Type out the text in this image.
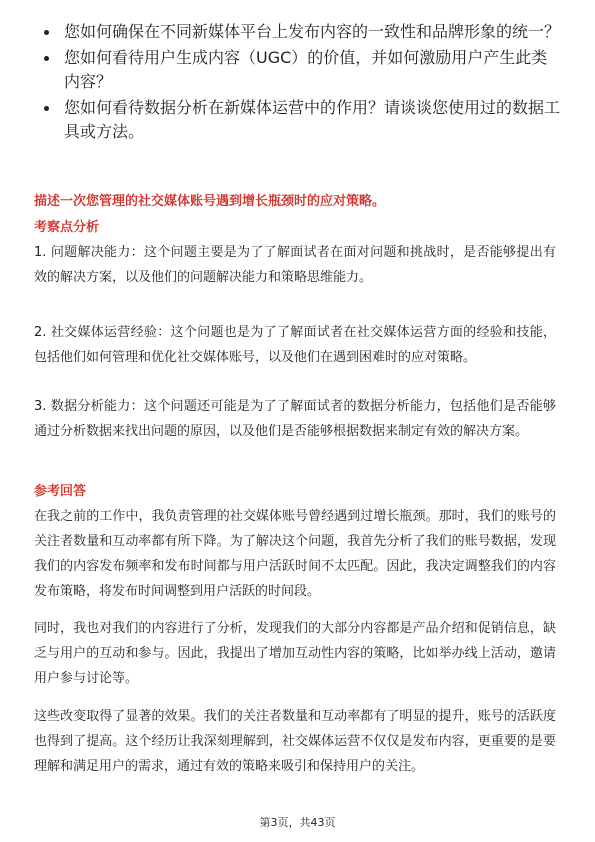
您如何确保在不同新媒体平台上发布内容的一致性和品牌形象的统一？
您如何看待用户生成内容（UGC）的价值，并如何激励用户产生此类内容？
您如何看待数据分析在新媒体运营中的作用？请谈谈您使用过的数据工具或方法。
描述一次您管理的社交媒体账号遇到增长瓶颈时的应对策略。
考察点分析
1. 问题解决能力：这个问题主要是为了了解面试者在面对问题和挑战时，是否能够提出有效的解决方案，以及他们的问题解决能力和策略思维能力。
2. 社交媒体运营经验：这个问题也是为了了解面试者在社交媒体运营方面的经验和技能，包括他们如何管理和优化社交媒体账号，以及他们在遇到困难时的应对策略。
3. 数据分析能力：这个问题还可能是为了了解面试者的数据分析能力，包括他们是否能够通过分析数据来找出问题的原因，以及他们是否能够根据数据来制定有效的解决方案。
参考回答
在我之前的工作中，我负责管理的社交媒体账号曾经遇到过增长瓶颈。那时，我们的账号的关注者数量和互动率都有所下降。为了解决这个问题，我首先分析了我们的账号数据，发现我们的内容发布频率和发布时间都与用户活跃时间不太匹配。因此，我决定调整我们的内容发布策略，将发布时间调整到用户活跃的时间段。
同时，我也对我们的内容进行了分析，发现我们的大部分内容都是产品介绍和促销信息，缺乏与用户的互动和参与。因此，我提出了增加互动性内容的策略，比如举办线上活动，邀请用户参与讨论等。
这些改变取得了显著的效果。我们的关注者数量和互动率都有了明显的提升，账号的活跃度也得到了提高。这个经历让我深刻理解到，社交媒体运营不仅仅是发布内容，更重要的是要理解和满足用户的需求，通过有效的策略来吸引和保持用户的关注。
第3页，共43页
